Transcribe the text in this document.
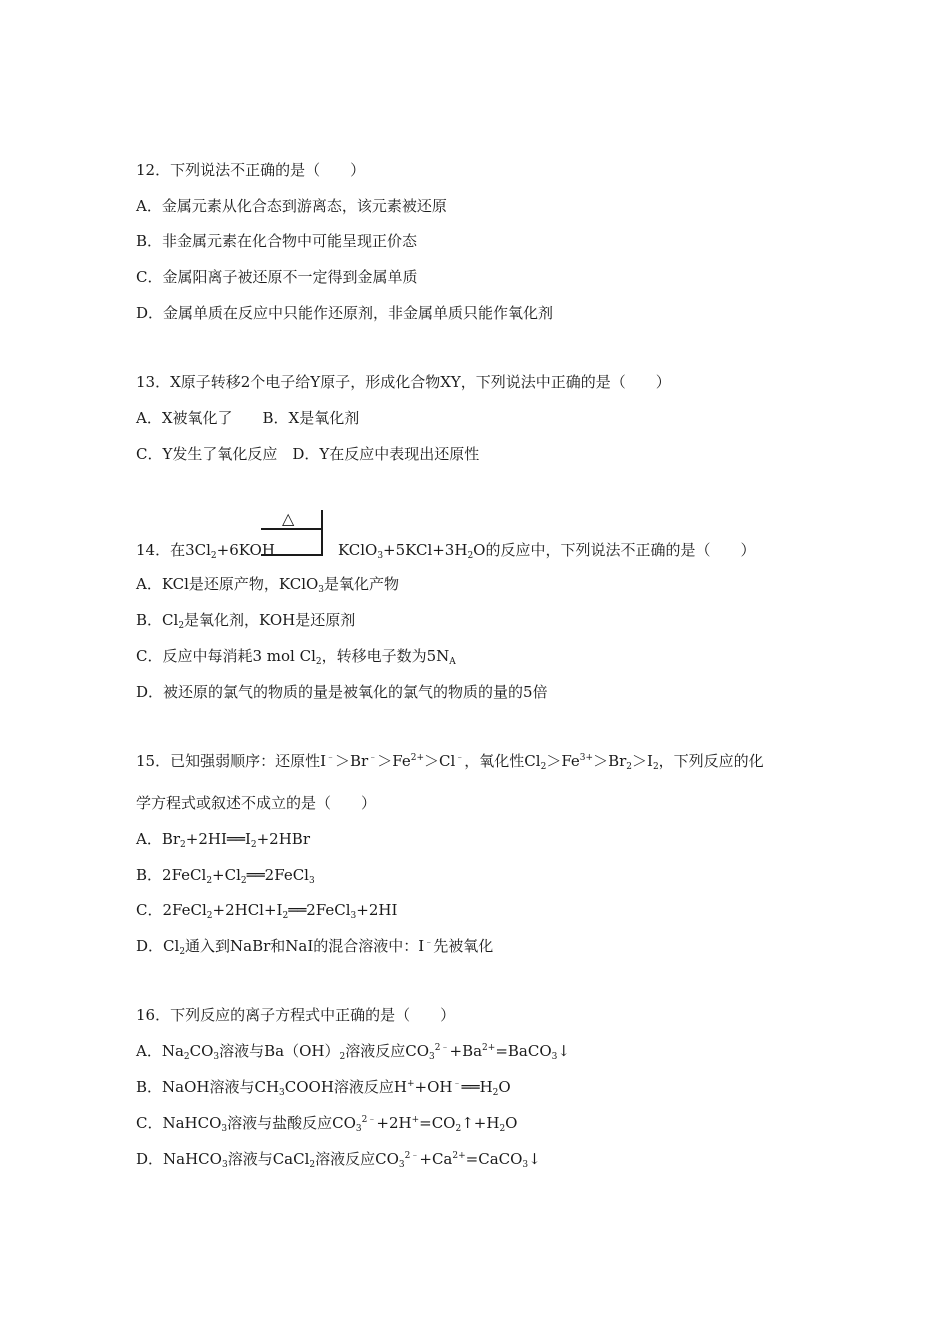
12．下列说法不正确的是（　　）
A．金属元素从化合态到游离态，该元素被还原
B．非金属元素在化合物中可能呈现正价态
C．金属阳离子被还原不一定得到金属单质
D．金属单质在反应中只能作还原剂，非金属单质只能作氧化剂
13．X原子转移2个电子给Y原子，形成化合物XY，下列说法中正确的是（　　）
A．X被氧化了　　B．X是氧化剂
C．Y发生了氧化反应　D．Y在反应中表现出还原性
△
14．在$3Cl_2+6KOH$	$KClO_3+5KCl+3H_2O$的反应中，下列说法不正确的是（　　）
A．KCl是还原产物，KClO$_3$是氧化产物
B．$Cl_2$是氧化剂，KOH是还原剂
C．反应中每消耗3 mol $Cl_2$，转移电子数为$5N_A$
D．被还原的氯气的物质的量是被氧化的氯气的物质的量的5倍
15．已知强弱顺序：还原性$I^﹣>Br^﹣>Fe^{2+}>Cl^﹣$，氧化性$Cl_2>Fe^{3+}>Br_2>I_2$，下列反应的化
学方程式或叙述不成立的是（　　）
A．$Br_2+2HI══I_2+2HBr$
B．$2FeCl_2+Cl_2══2FeCl_3$
C．$2FeCl_2+2HCl+I_2══2FeCl_3+2HI$
D．$Cl_2$通入到NaBr和NaI的混合溶液中：I﹣先被氧化
16．下列反应的离子方程式中正确的是（　　）
A．$Na_2CO_3$溶液与$Ba(OH)_2$溶液反应$CO_3^{2﹣}+Ba^{2+}=BaCO_3↓$
B．NaOH溶液与$CH_3COOH$溶液反应$H^++OH^﹣══H_2O$
C．NaHCO$_3$溶液与盐酸反应$CO_3^{2﹣}+2H^+=CO_2↑+H_2O$
D．NaHCO$_3$溶液与CaCl$_2$溶液反应$CO_3^{2﹣}+Ca^{2+}=CaCO_3↓$
